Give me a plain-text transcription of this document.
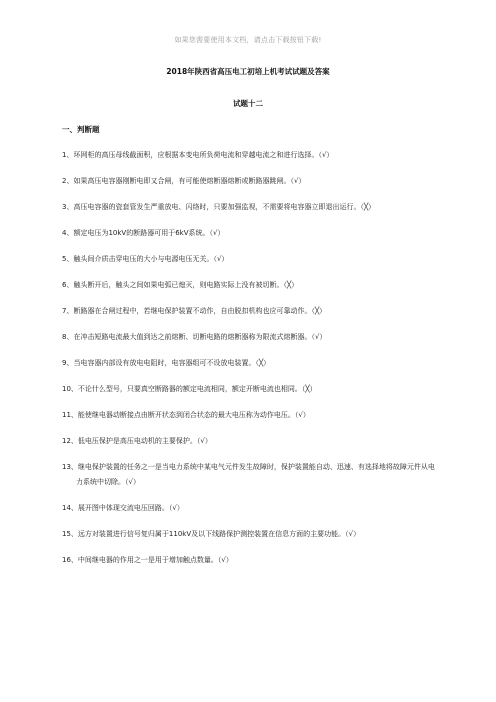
如果您需要使用本文档，请点击下载按钮下载!
2018年陕西省高压电工初培上机考试试题及答案
试题十二
一、判断题
1、环网柜的高压母线截面积，应根据本变电所负荷电流和穿越电流之和进行选择。（√）
2、如果高压电容器刚断电即又合闸，有可能使熔断器熔断或断路器跳闸。（√）
3、高压电容器的瓷套管发生严重放电、闪络时，只要加强监视，不需要将电容器立即退出运行。（╳）
4、额定电压为10kV的断路器可用于6kV系统。（√）
5、触头间介质击穿电压的大小与电源电压无关。（√）
6、触头断开后，触头之间如果电弧已熄灭，则电路实际上没有被切断。（╳）
7、断路器在合闸过程中，若继电保护装置不动作，自由脱扣机构也应可靠动作。（╳）
8、在冲击短路电流最大值到达之前熔断、切断电路的熔断器称为限流式熔断器。（√）
9、当电容器内部设有放电电阻时，电容器组可不设放电装置。（╳）
10、不论什么型号，只要真空断路器的额定电流相同，额定开断电流也相同。（╳）
11、能使继电器动断接点由断开状态到闭合状态的最大电压称为动作电压。（√）
12、低电压保护是高压电动机的主要保护。（√）
13、继电保护装置的任务之一是当电力系统中某电气元件发生故障时，保护装置能自动、迅速、有选择地将故障元件从电力系统中切除。（√）
14、展开图中体现交流电压回路。（√）
15、远方对装置进行信号复归属于110kV及以下线路保护测控装置在信息方面的主要功能。（√）
16、中间继电器的作用之一是用于增加触点数量。（√）
